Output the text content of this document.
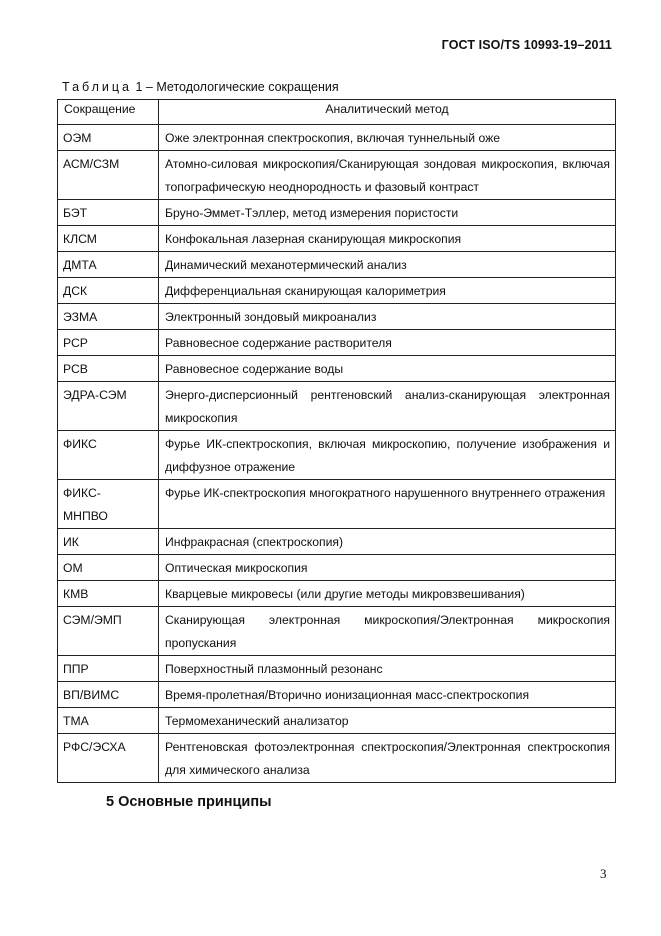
ГОСТ ISO/TS 10993-19–2011
Таблица 1 – Методологические сокращения
Сокращение	Аналитический метод

ОЭМ	Оже электронная спектроскопия, включая туннельный оже

АСМ/СЗМ	Атомно-силовая микроскопия/Сканирующая зондовая микроскопия, включая топографическую неоднородность и фазовый контраст

БЭТ	Бруно-Эммет-Тэллер, метод измерения пористости

КЛСМ	Конфокальная лазерная сканирующая микроскопия

ДМТА	Динамический механотермический анализ

ДСК	Дифференциальная сканирующая калориметрия

ЭЗМА	Электронный зондовый микроанализ

РСР	Равновесное содержание растворителя

РСВ	Равновесное содержание воды

ЭДРА-СЭМ	Энерго-дисперсионный рентгеновский анализ-сканирующая электронная микроскопия

ФИКС	Фурье ИК-спектроскопия, включая микроскопию, получение изображения и диффузное отражение

ФИКС-
МНПВО	Фурье ИК-спектроскопия многократного нарушенного внутреннего отражения

ИК	Инфракрасная (спектроскопия)

ОМ	Оптическая микроскопия

КМВ	Кварцевые микровесы (или другие методы микровзвешивания)

СЭМ/ЭМП	Сканирующая электронная микроскопия/Электронная микроскопия пропускания

ППР	Поверхностный плазмонный резонанс

ВП/ВИМС	Время-пролетная/Вторично ионизационная масс-спектроскопия

ТМА	Термомеханический анализатор

РФС/ЭСХА	Рентгеновская фотоэлектронная спектроскопия/Электронная спектроскопия для химического анализа
5 Основные принципы
3
